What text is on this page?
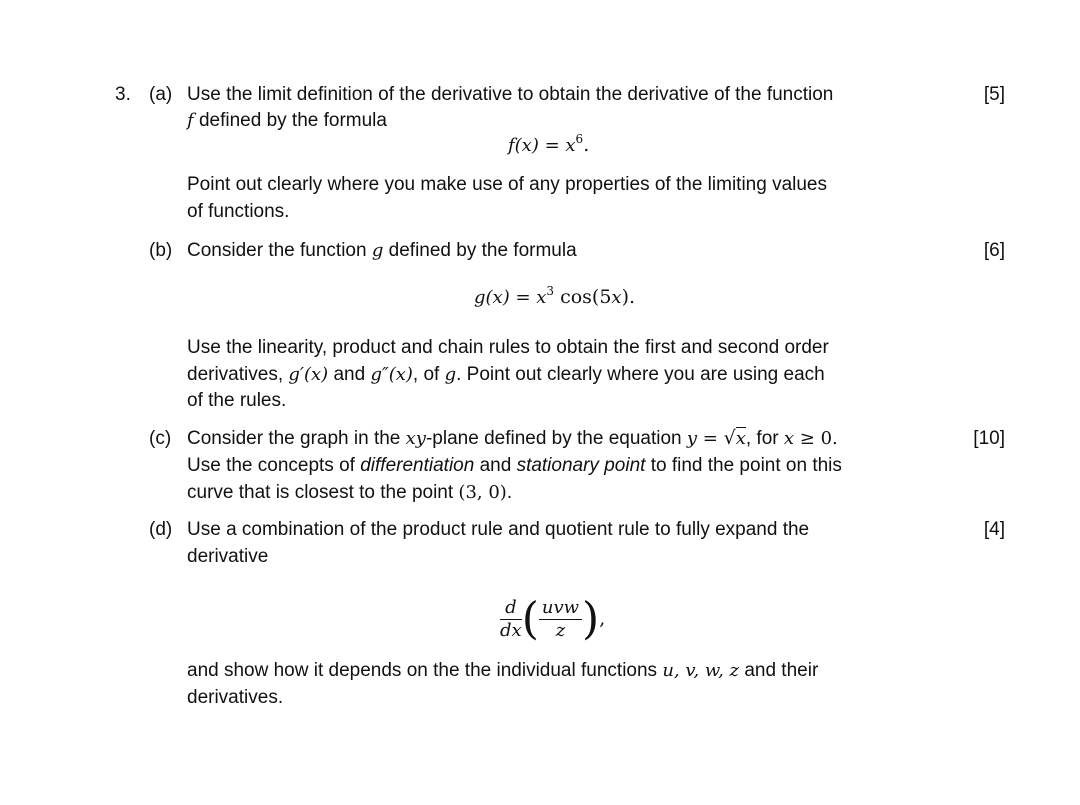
3. (a)	[5]
Use the limit definition of the derivative to obtain the derivative of the function
f defined by the formula
$f(x) = x^6$.
Point out clearly where you make use of any properties of the limiting values
of functions.
(b)	[6]
Consider the function g defined by the formula
$g(x) = x^3$ cos(5x).
Use the linearity, product and chain rules to obtain the first and second order
derivatives, g′(x) and g″(x), of g. Point out clearly where you are using each
of the rules.
(c)	[10]
Consider the graph in the xy-plane defined by the equation y = √x, for x ≥ 0.
Use the concepts of differentiation and stationary point to find the point on this
curve that is closest to the point (3, 0).
(d)	[4]
Use a combination of the product rule and quotient rule to fully expand the
derivative
$\frac{d}{dx}$ ( $\frac{\text{uvw}}{z}$ ),
and show how it depends on the the individual functions u, v, w, z and their
derivatives.
